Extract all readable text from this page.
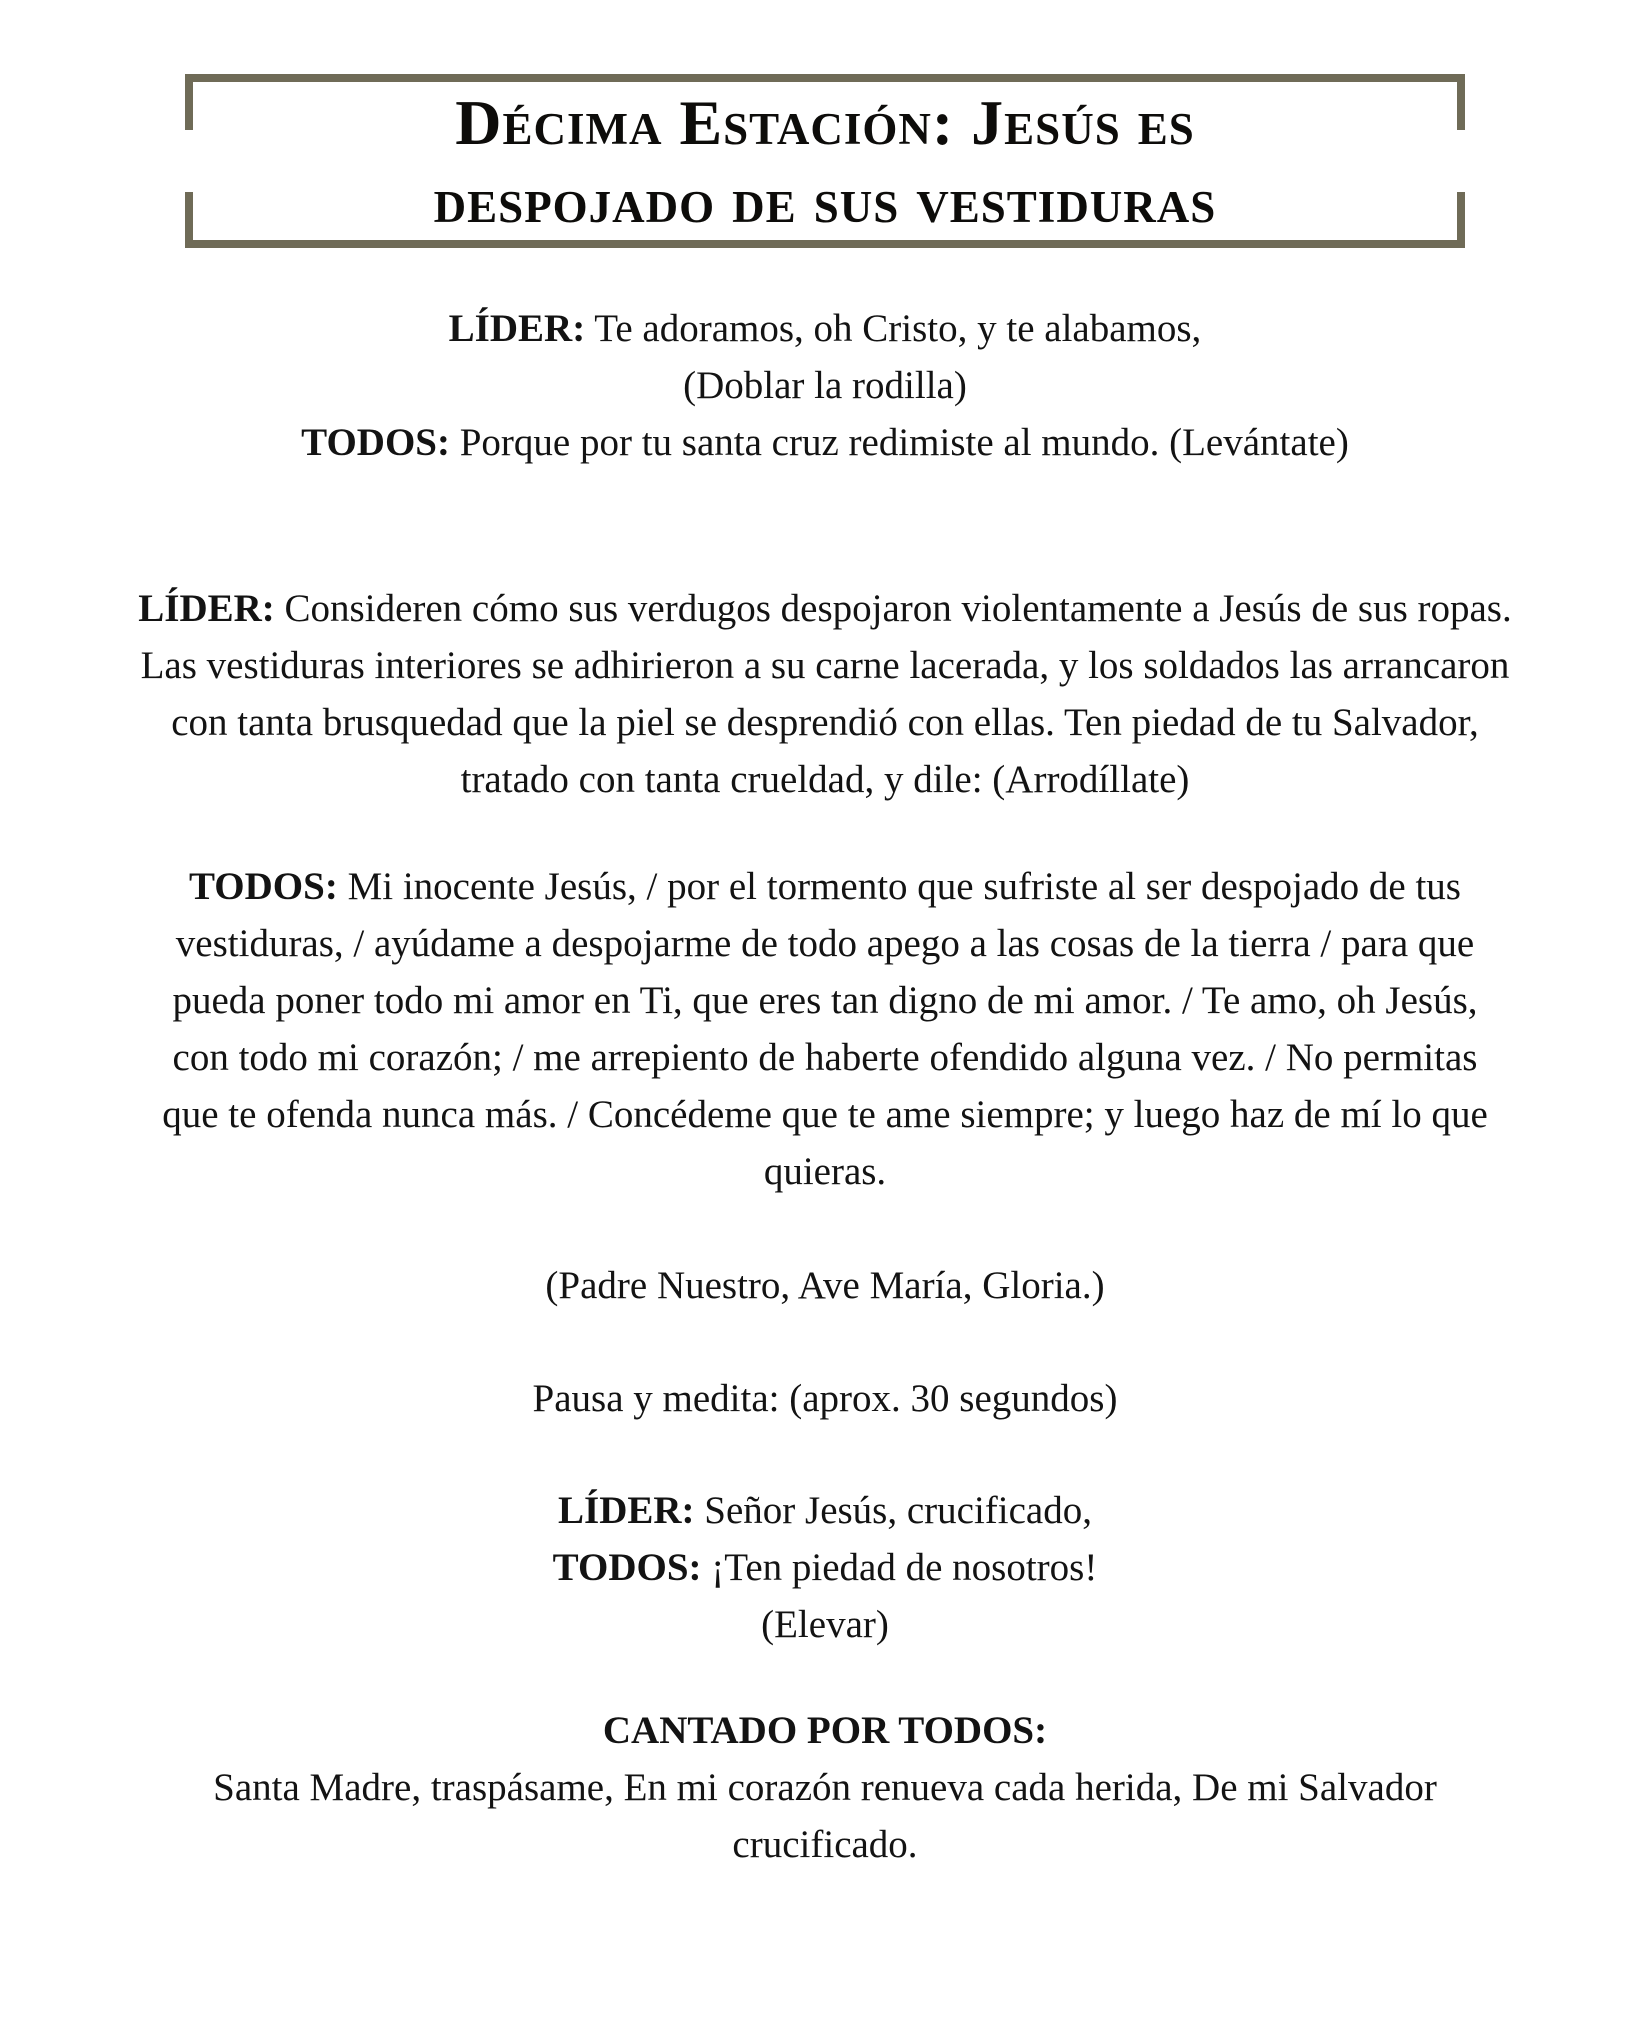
Décima Estación: Jesús es
despojado de sus vestiduras
LÍDER: Te adoramos, oh Cristo, y te alabamos,
(Doblar la rodilla)
TODOS: Porque por tu santa cruz redimiste al mundo. (Levántate)
LÍDER: Consideren cómo sus verdugos despojaron violentamente a Jesús de sus ropas.
Las vestiduras interiores se adhirieron a su carne lacerada, y los soldados las arrancaron
con tanta brusquedad que la piel se desprendió con ellas. Ten piedad de tu Salvador,
tratado con tanta crueldad, y dile: (Arrodíllate)
TODOS: Mi inocente Jesús, / por el tormento que sufriste al ser despojado de tus
vestiduras, / ayúdame a despojarme de todo apego a las cosas de la tierra / para que
pueda poner todo mi amor en Ti, que eres tan digno de mi amor. / Te amo, oh Jesús,
con todo mi corazón; / me arrepiento de haberte ofendido alguna vez. / No permitas
que te ofenda nunca más. / Concédeme que te ame siempre; y luego haz de mí lo que
quieras.
(Padre Nuestro, Ave María, Gloria.)
Pausa y medita: (aprox. 30 segundos)
LÍDER: Señor Jesús, crucificado,
TODOS: ¡Ten piedad de nosotros!
(Elevar)
CANTADO POR TODOS:
Santa Madre, traspásame, En mi corazón renueva cada herida, De mi Salvador
crucificado.
